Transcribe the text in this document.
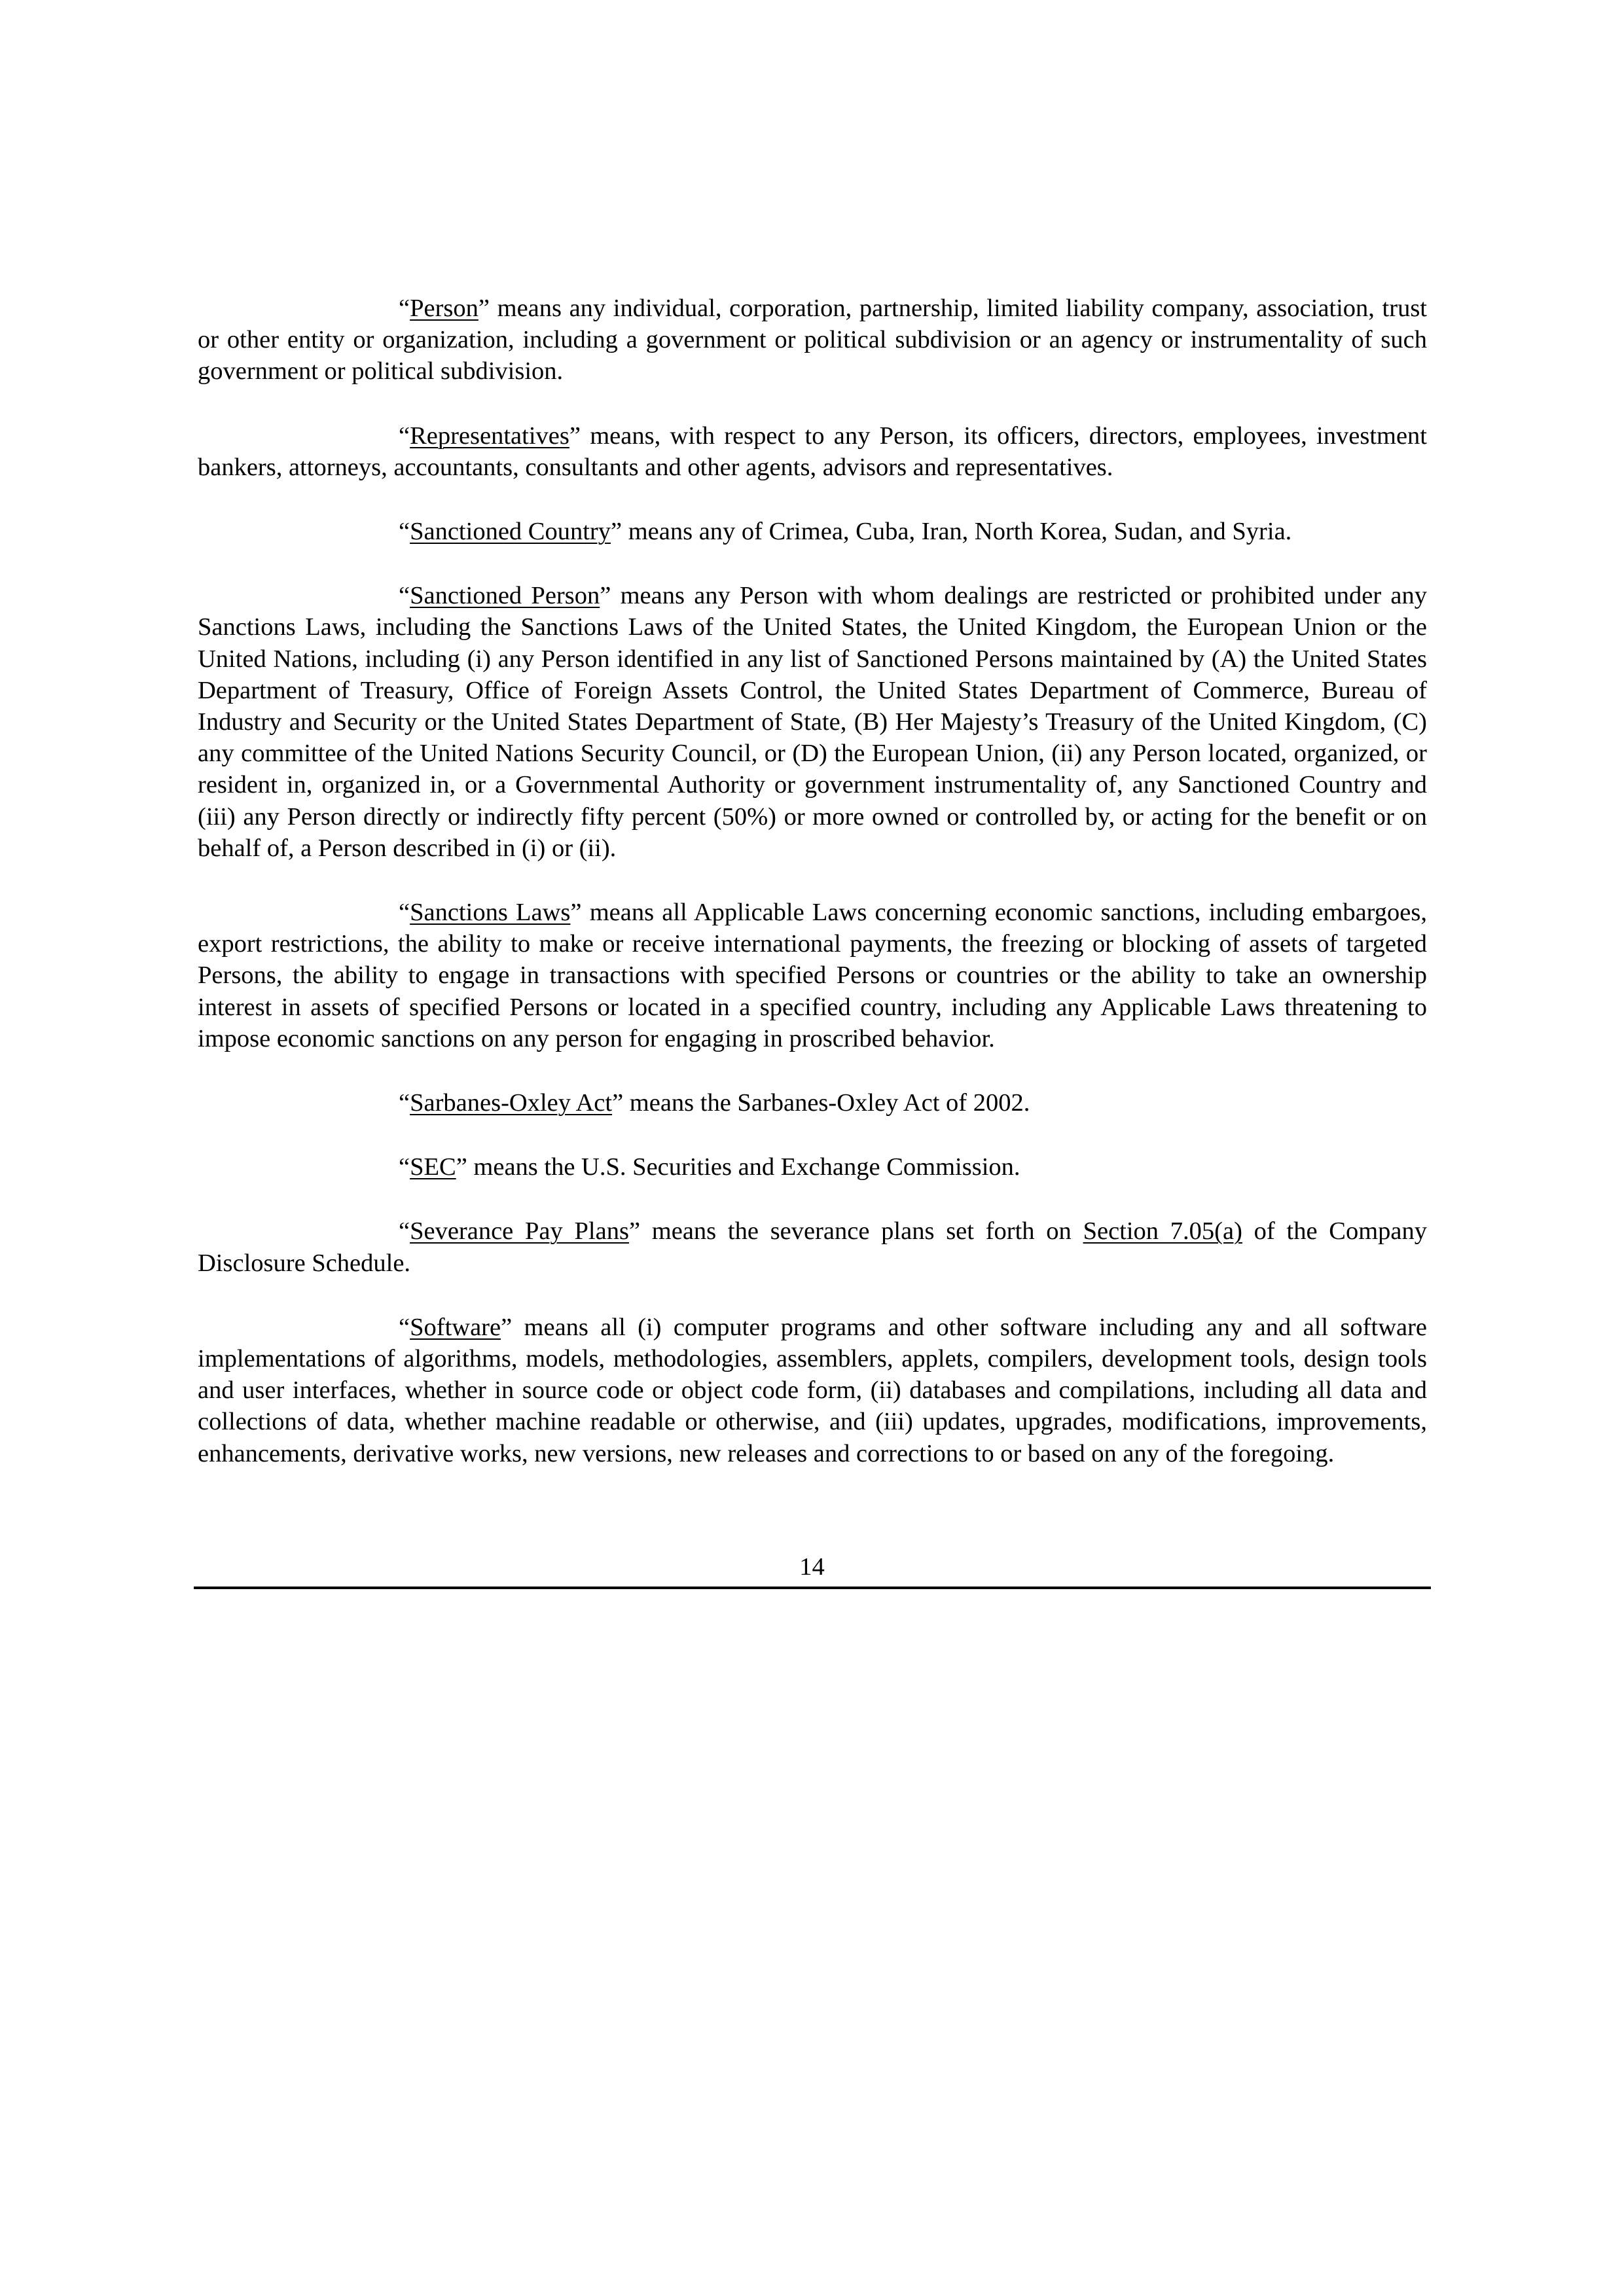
“Person” means any individual, corporation, partnership, limited liability company, association, trust or other entity or organization, including a government or political subdivision or an agency or instrumentality of such government or political subdivision.

“Representatives” means, with respect to any Person, its officers, directors, employees, investment bankers, attorneys, accountants, consultants and other agents, advisors and representatives.

“Sanctioned Country” means any of Crimea, Cuba, Iran, North Korea, Sudan, and Syria.

“Sanctioned Person” means any Person with whom dealings are restricted or prohibited under any Sanctions Laws, including the Sanctions Laws of the United States, the United Kingdom, the European Union or the United Nations, including (i) any Person identified in any list of Sanctioned Persons maintained by (A) the United States Department of Treasury, Office of Foreign Assets Control, the United States Department of Commerce, Bureau of Industry and Security or the United States Department of State, (B) Her Majesty’s Treasury of the United Kingdom, (C) any committee of the United Nations Security Council, or (D) the European Union, (ii) any Person located, organized, or resident in, organized in, or a Governmental Authority or government instrumentality of, any Sanctioned Country and (iii) any Person directly or indirectly fifty percent (50%) or more owned or controlled by, or acting for the benefit or on behalf of, a Person described in (i) or (ii).

“Sanctions Laws” means all Applicable Laws concerning economic sanctions, including embargoes, export restrictions, the ability to make or receive international payments, the freezing or blocking of assets of targeted Persons, the ability to engage in transactions with specified Persons or countries or the ability to take an ownership interest in assets of specified Persons or located in a specified country, including any Applicable Laws threatening to impose economic sanctions on any person for engaging in proscribed behavior.

“Sarbanes-Oxley Act” means the Sarbanes-Oxley Act of 2002.

“SEC” means the U.S. Securities and Exchange Commission.

“Severance Pay Plans” means the severance plans set forth on Section 7.05(a) of the Company Disclosure Schedule.

“Software” means all (i) computer programs and other software including any and all software implementations of algorithms, models, methodologies, assemblers, applets, compilers, development tools, design tools and user interfaces, whether in source code or object code form, (ii) databases and compilations, including all data and collections of data, whether machine readable or otherwise, and (iii) updates, upgrades, modifications, improvements, enhancements, derivative works, new versions, new releases and corrections to or based on any of the foregoing.

14
